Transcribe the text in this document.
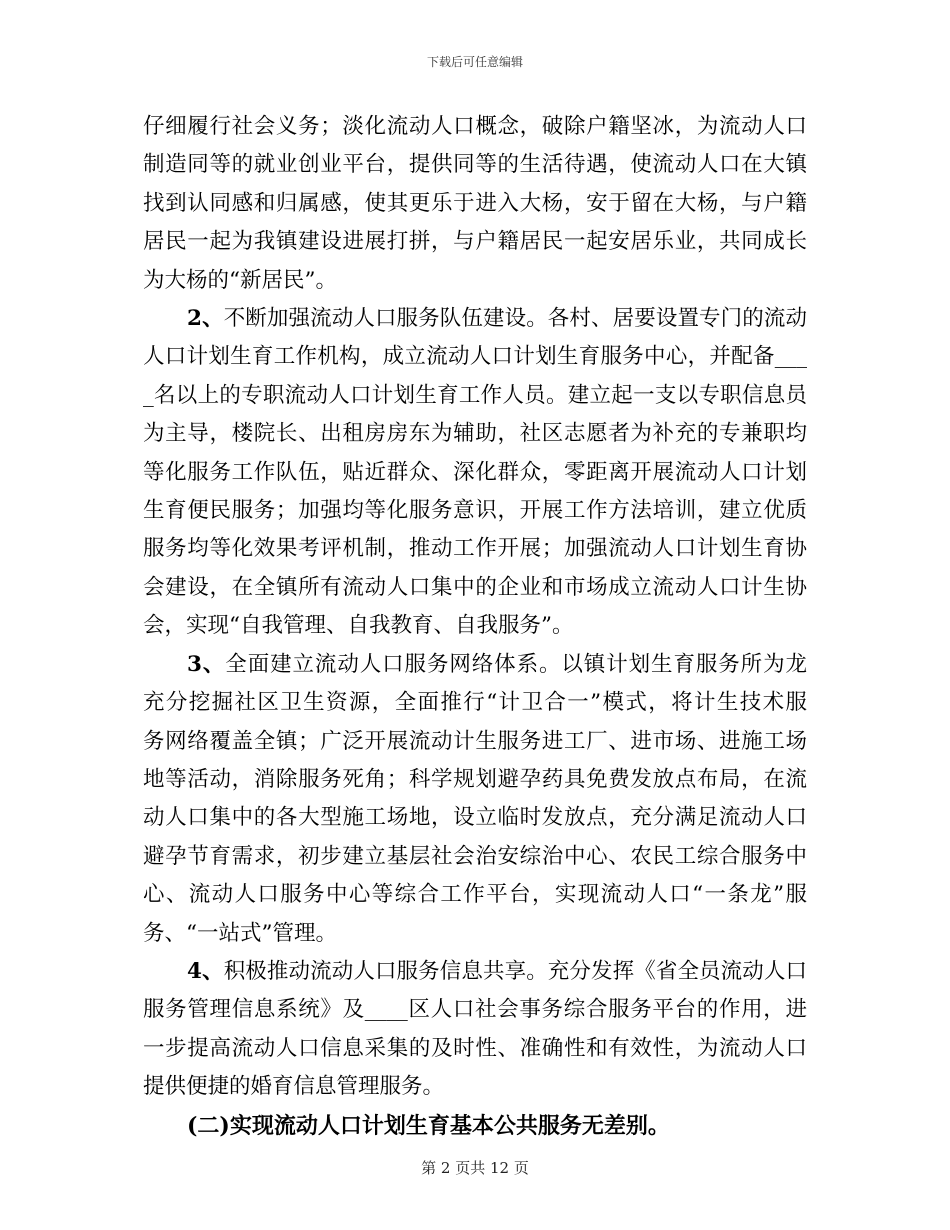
下载后可任意编辑
仔细履行社会义务；淡化流动人口概念，破除户籍坚冰，为流动人口
制造同等的就业创业平台，提供同等的生活待遇，使流动人口在大镇
找到认同感和归属感，使其更乐于进入大杨，安于留在大杨，与户籍
居民一起为我镇建设进展打拼，与户籍居民一起安居乐业，共同成长
为大杨的“新居民”。
2、不断加强流动人口服务队伍建设。各村、居要设置专门的流动
人口计划生育工作机构，成立流动人口计划生育服务中心，并配备___
_名以上的专职流动人口计划生育工作人员。建立起一支以专职信息员
为主导，楼院长、出租房房东为辅助，社区志愿者为补充的专兼职均
等化服务工作队伍，贴近群众、深化群众，零距离开展流动人口计划
生育便民服务；加强均等化服务意识，开展工作方法培训，建立优质
服务均等化效果考评机制，推动工作开展；加强流动人口计划生育协
会建设，在全镇所有流动人口集中的企业和市场成立流动人口计生协
会，实现“自我管理、自我教育、自我服务”。
3、全面建立流动人口服务网络体系。以镇计划生育服务所为龙
充分挖掘社区卫生资源，全面推行“计卫合一”模式，将计生技术服
务网络覆盖全镇；广泛开展流动计生服务进工厂、进市场、进施工场
地等活动，消除服务死角；科学规划避孕药具免费发放点布局，在流
动人口集中的各大型施工场地，设立临时发放点，充分满足流动人口
避孕节育需求，初步建立基层社会治安综治中心、农民工综合服务中
心、流动人口服务中心等综合工作平台，实现流动人口“一条龙”服
务、“一站式”管理。
4、积极推动流动人口服务信息共享。充分发挥《省全员流动人口
服务管理信息系统》及____区人口社会事务综合服务平台的作用，进
一步提高流动人口信息采集的及时性、准确性和有效性，为流动人口
提供便捷的婚育信息管理服务。
(二)实现流动人口计划生育基本公共服务无差别。
第 2 页共 12 页
